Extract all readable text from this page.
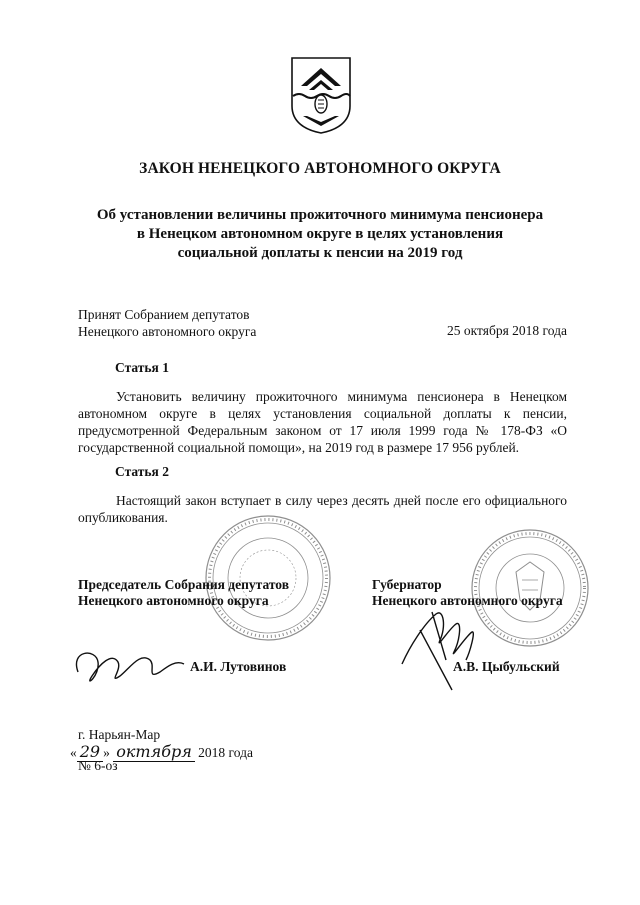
ЗАКОН НЕНЕЦКОГО АВТОНОМНОГО ОКРУГА
Об установлении величины прожиточного минимума пенсионера
в Ненецком автономном округе в целях установления
социальной доплаты к пенсии на 2019 год
Принят Собранием депутатов
Ненецкого автономного округа	25 октября 2018 года
Статья 1
Установить величину прожиточного минимума пенсионера в Ненецком автономном округе в целях установления социальной доплаты к пенсии, предусмотренной Федеральным законом от 17 июля 1999 года № 178-ФЗ «О государственной социальной помощи», на 2019 год в размере 17 956 рублей.
Статья 2
Настоящий закон вступает в силу через десять дней после его официального опубликования.
Председатель Собрания депутатов
Ненецкого автономного округа
Губернатор
Ненецкого автономного округа
А.И. Лутовинов	А.В. Цыбульский
г. Нарьян-Мар
« 29 » октября 2018 года
№ 6-оз
